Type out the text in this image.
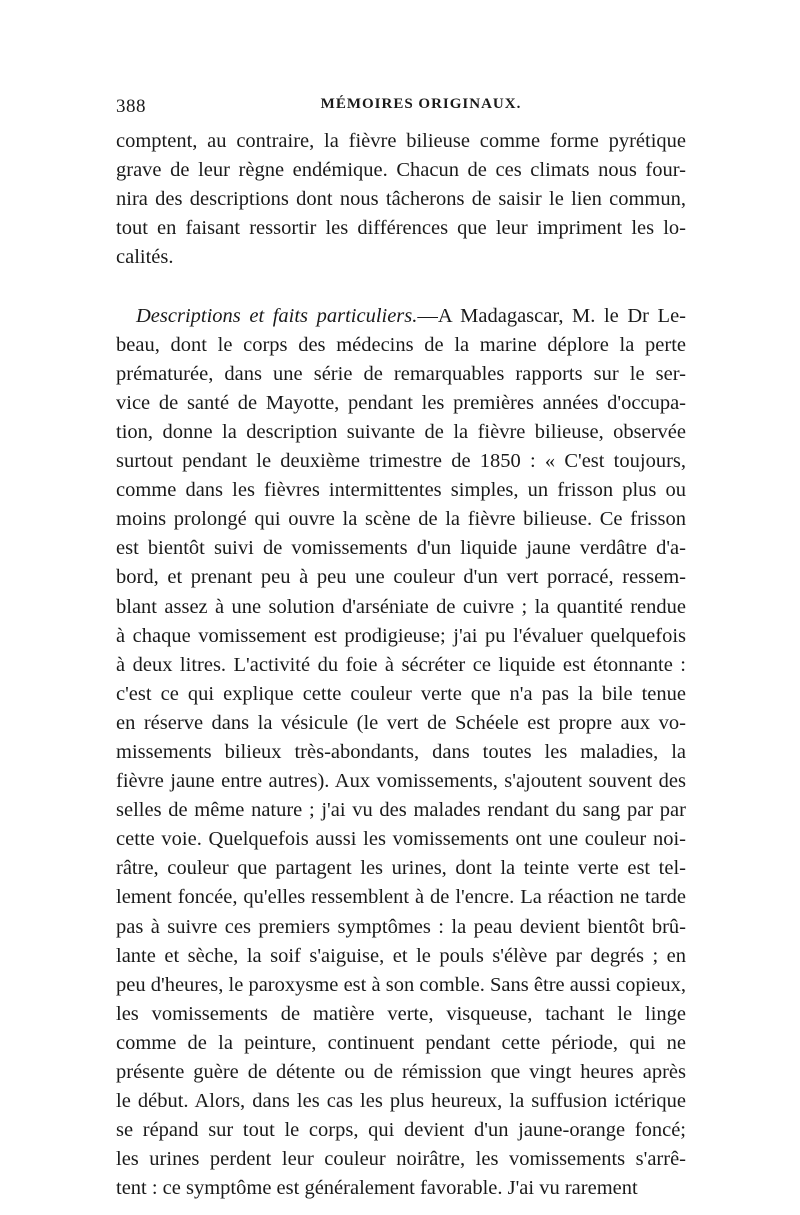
388	MÉMOIRES ORIGINAUX.
comptent, au contraire, la fièvre bilieuse comme forme pyrétique
grave de leur règne endémique. Chacun de ces climats nous four-
nira des descriptions dont nous tâcherons de saisir le lien commun,
tout en faisant ressortir les différences que leur impriment les lo-
calités.
Descriptions et faits particuliers.—A Madagascar, M. le Dr Le-
beau, dont le corps des médecins de la marine déplore la perte
prématurée, dans une série de remarquables rapports sur le ser-
vice de santé de Mayotte, pendant les premières années d'occupa-
tion, donne la description suivante de la fièvre bilieuse, observée
surtout pendant le deuxième trimestre de 1850 : « C'est toujours,
comme dans les fièvres intermittentes simples, un frisson plus ou
moins prolongé qui ouvre la scène de la fièvre bilieuse. Ce frisson
est bientôt suivi de vomissements d'un liquide jaune verdâtre d'a-
bord, et prenant peu à peu une couleur d'un vert porracé, ressem-
blant assez à une solution d'arséniate de cuivre ; la quantité rendue
à chaque vomissement est prodigieuse; j'ai pu l'évaluer quelquefois
à deux litres. L'activité du foie à sécréter ce liquide est étonnante :
c'est ce qui explique cette couleur verte que n'a pas la bile tenue
en réserve dans la vésicule (le vert de Schéele est propre aux vo-
missements bilieux très-abondants, dans toutes les maladies, la
fièvre jaune entre autres). Aux vomissements, s'ajoutent souvent des
selles de même nature ; j'ai vu des malades rendant du sang par par
cette voie. Quelquefois aussi les vomissements ont une couleur noi-
râtre, couleur que partagent les urines, dont la teinte verte est tel-
lement foncée, qu'elles ressemblent à de l'encre. La réaction ne tarde
pas à suivre ces premiers symptômes : la peau devient bientôt brû-
lante et sèche, la soif s'aiguise, et le pouls s'élève par degrés ; en
peu d'heures, le paroxysme est à son comble. Sans être aussi copieux,
les vomissements de matière verte, visqueuse, tachant le linge
comme de la peinture, continuent pendant cette période, qui ne
présente guère de détente ou de rémission que vingt heures après
le début. Alors, dans les cas les plus heureux, la suffusion ictérique
se répand sur tout le corps, qui devient d'un jaune-orange foncé;
les urines perdent leur couleur noirâtre, les vomissements s'arrê-
tent : ce symptôme est généralement favorable. J'ai vu rarement
